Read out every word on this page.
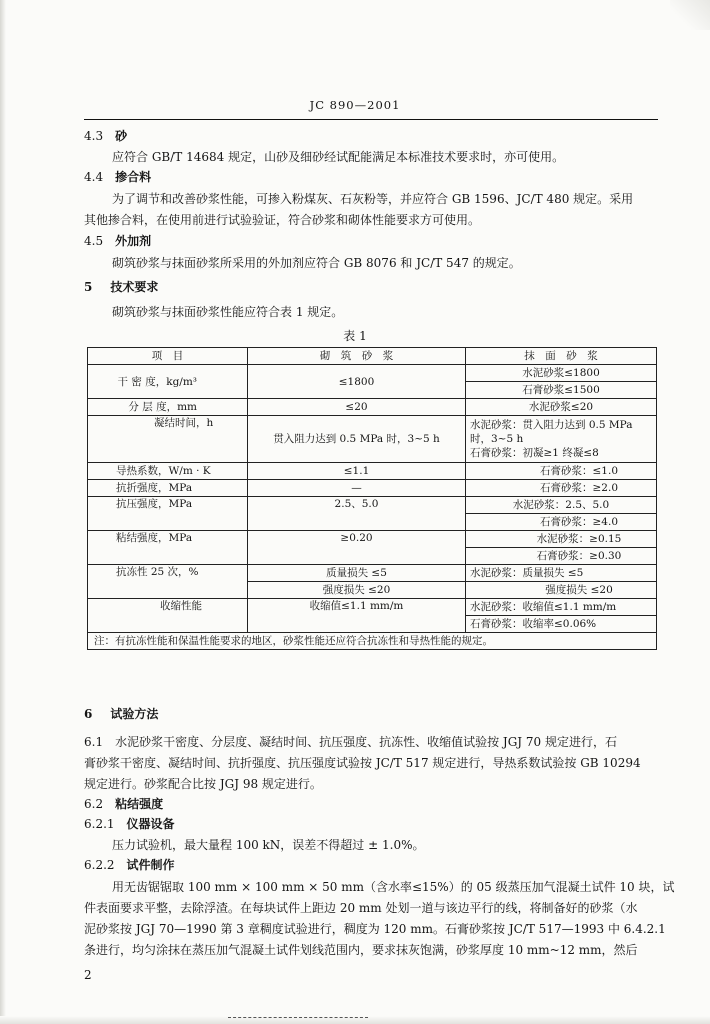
JC 890—2001
4.3 砂
应符合 GB/T 14684 规定，山砂及细砂经试配能满足本标准技术要求时，亦可使用。
4.4 掺合料
为了调节和改善砂浆性能，可掺入粉煤灰、石灰粉等，并应符合 GB 1596、JC/T 480 规定。采用
其他掺合料，在使用前进行试验验证，符合砂浆和砌体性能要求方可使用。
4.5 外加剂
砌筑砂浆与抹面砂浆所采用的外加剂应符合 GB 8076 和 JC/T 547 的规定。
5 技术要求
砌筑砂浆与抹面砂浆性能应符合表 1 规定。
表 1
项　目	砌　筑　砂　浆	抹　面　砂　浆
干 密 度，kg/m³	≤1800	水泥砂浆≤1800
		石膏砂浆≤1500
分 层 度，mm	≤20	水泥砂浆≤20
凝结时间，h	贯入阻力达到 0.5 MPa 时，3~5 h	水泥砂浆：贯入阻力达到 0.5 MPa 时，3~5 h
石膏砂浆：初凝≥1 终凝≤8

导热系数，W/m · K	≤1.1	石膏砂浆：≤1.0
抗折强度，MPa	—	石膏砂浆：≥2.0
抗压强度，MPa	2.5、5.0	水泥砂浆：2.5、5.0
		石膏砂浆：≥4.0
粘结强度，MPa	≥0.20	水泥砂浆：≥0.15
		石膏砂浆：≥0.30
抗冻性 25 次，%	质量损失 ≤5	水泥砂浆：质量损失 ≤5
	强度损失 ≤20	强度损失 ≤20
收缩性能	收缩值≤1.1 mm/m	水泥砂浆：收缩值≤1.1 mm/m
		石膏砂浆：收缩率≤0.06%
注：有抗冻性能和保温性能要求的地区，砂浆性能还应符合抗冻性和导热性能的规定。		
6 试验方法
6.1　水泥砂浆干密度、分层度、凝结时间、抗压强度、抗冻性、收缩值试验按 JGJ 70 规定进行，石
膏砂浆干密度、凝结时间、抗折强度、抗压强度试验按 JC/T 517 规定进行，导热系数试验按 GB 10294
规定进行。砂浆配合比按 JGJ 98 规定进行。
6.2 粘结强度
6.2.1 仪器设备
压力试验机，最大量程 100 kN，误差不得超过 ± 1.0%。
6.2.2 试件制作
用无齿锯锯取 100 mm × 100 mm × 50 mm（含水率≤15%）的 05 级蒸压加气混凝土试件 10 块，试
件表面要求平整，去除浮渣。在每块试件上距边 20 mm 处划一道与该边平行的线，将制备好的砂浆（水
泥砂浆按 JGJ 70—1990 第 3 章稠度试验进行，稠度为 120 mm。石膏砂浆按 JC/T 517—1993 中 6.4.2.1
条进行，均匀涂抹在蒸压加气混凝土试件划线范围内，要求抹灰饱满，砂浆厚度 10 mm~12 mm，然后
2
